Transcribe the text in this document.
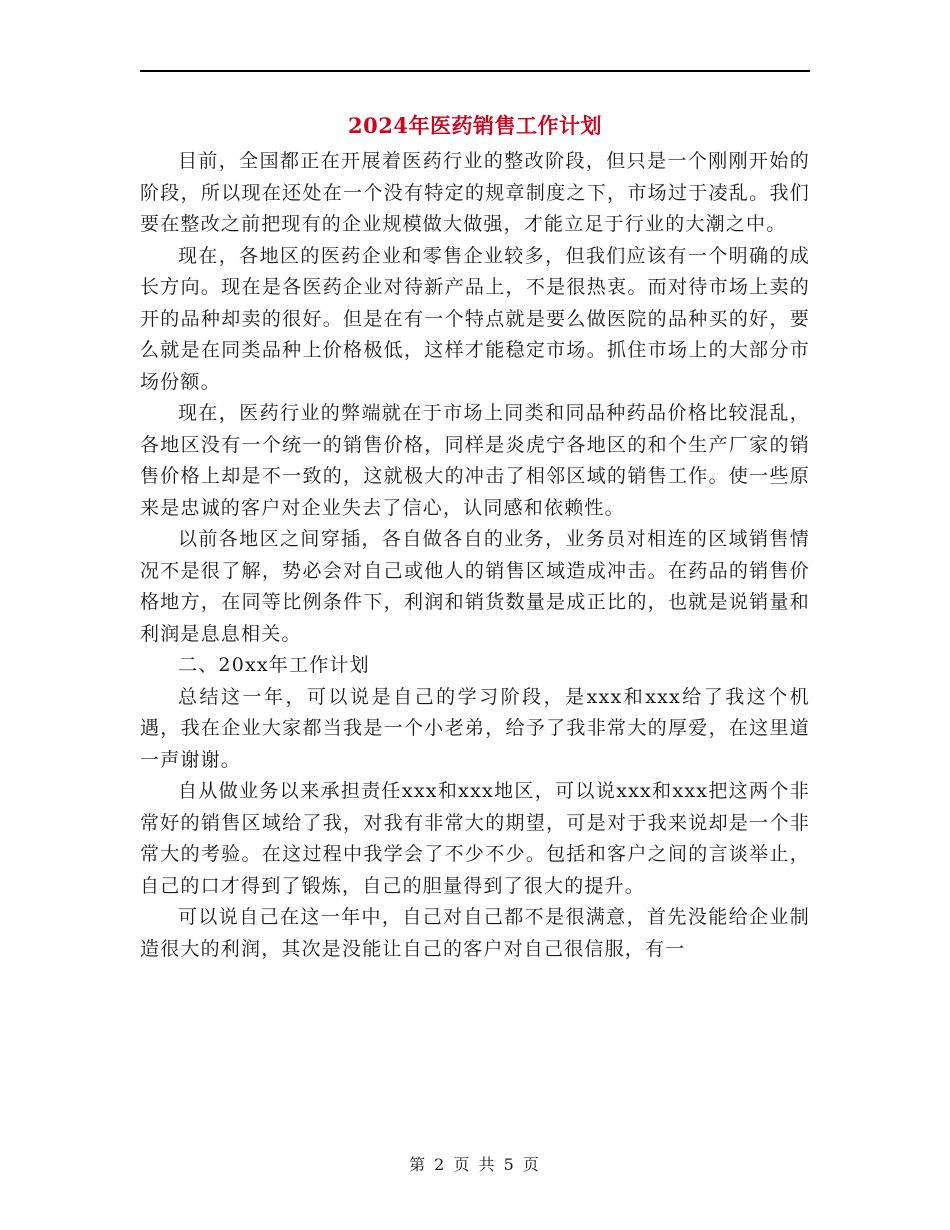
2024年医药销售工作计划

目前，全国都正在开展着医药行业的整改阶段，但只是一个刚刚开始的阶段，所以现在还处在一个没有特定的规章制度之下，市场过于凌乱。我们要在整改之前把现有的企业规模做大做强，才能立足于行业的大潮之中。

现在，各地区的医药企业和零售企业较多，但我们应该有一个明确的成长方向。现在是各医药企业对待新产品上，不是很热衷。而对待市场上卖的开的品种却卖的很好。但是在有一个特点就是要么做医院的品种买的好，要么就是在同类品种上价格极低，这样才能稳定市场。抓住市场上的大部分市场份额。

现在，医药行业的弊端就在于市场上同类和同品种药品价格比较混乱，各地区没有一个统一的销售价格，同样是炎虎宁各地区的和个生产厂家的销售价格上却是不一致的，这就极大的冲击了相邻区域的销售工作。使一些原来是忠诚的客户对企业失去了信心，认同感和依赖性。

以前各地区之间穿插，各自做各自的业务，业务员对相连的区域销售情况不是很了解，势必会对自己或他人的销售区域造成冲击。在药品的销售价格地方，在同等比例条件下，利润和销货数量是成正比的，也就是说销量和利润是息息相关。

二、20xx年工作计划

总结这一年，可以说是自己的学习阶段，是xxx和xxx给了我这个机遇，我在企业大家都当我是一个小老弟，给予了我非常大的厚爱，在这里道一声谢谢。

自从做业务以来承担责任xxx和xxx地区，可以说xxx和xxx把这两个非常好的销售区域给了我，对我有非常大的期望，可是对于我来说却是一个非常大的考验。在这过程中我学会了不少不少。包括和客户之间的言谈举止，自己的口才得到了锻炼，自己的胆量得到了很大的提升。

可以说自己在这一年中，自己对自己都不是很满意，首先没能给企业制造很大的利润，其次是没能让自己的客户对自己很信服，有一

第 2 页 共 5 页
